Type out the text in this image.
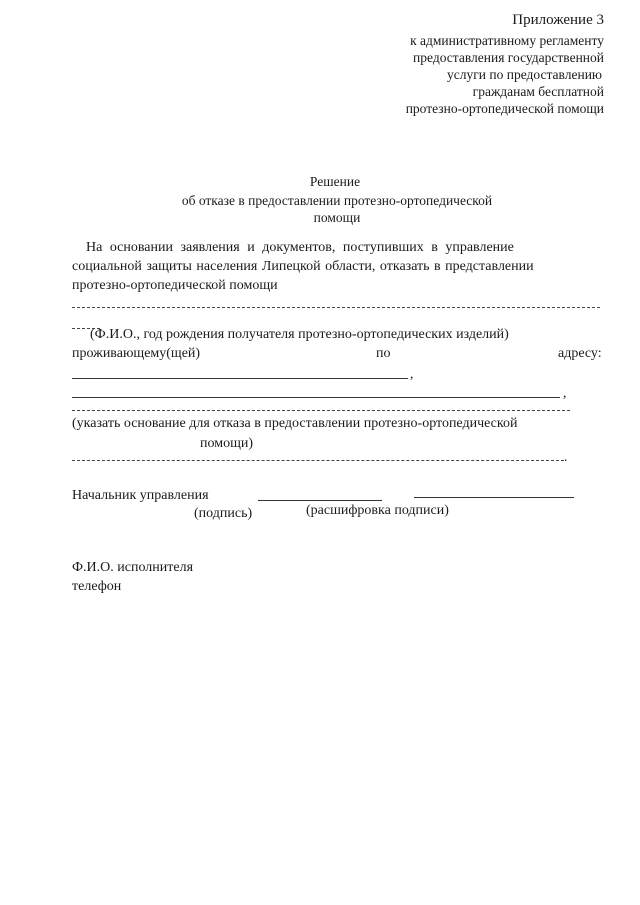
Приложение 3
к административному регламенту
предоставления государственной
услуги по предоставлению
гражданам бесплатной
протезно-ортопедической помощи
Решение
об отказе в предоставлении протезно-ортопедической
помощи
На основании заявления и документов, поступивших в управление
социальной защиты населения Липецкой области, отказать в представлении
протезно-ортопедической помощи
(Ф.И.О., год рождения получателя протезно-ортопедических изделий)
проживающему(щей)	по	адресу:
,
,
(указать основание для отказа в предоставлении протезно-ортопедической
помощи)
.
Начальник управления
(подпись)	(расшифровка подписи)
Ф.И.О. исполнителя
телефон
